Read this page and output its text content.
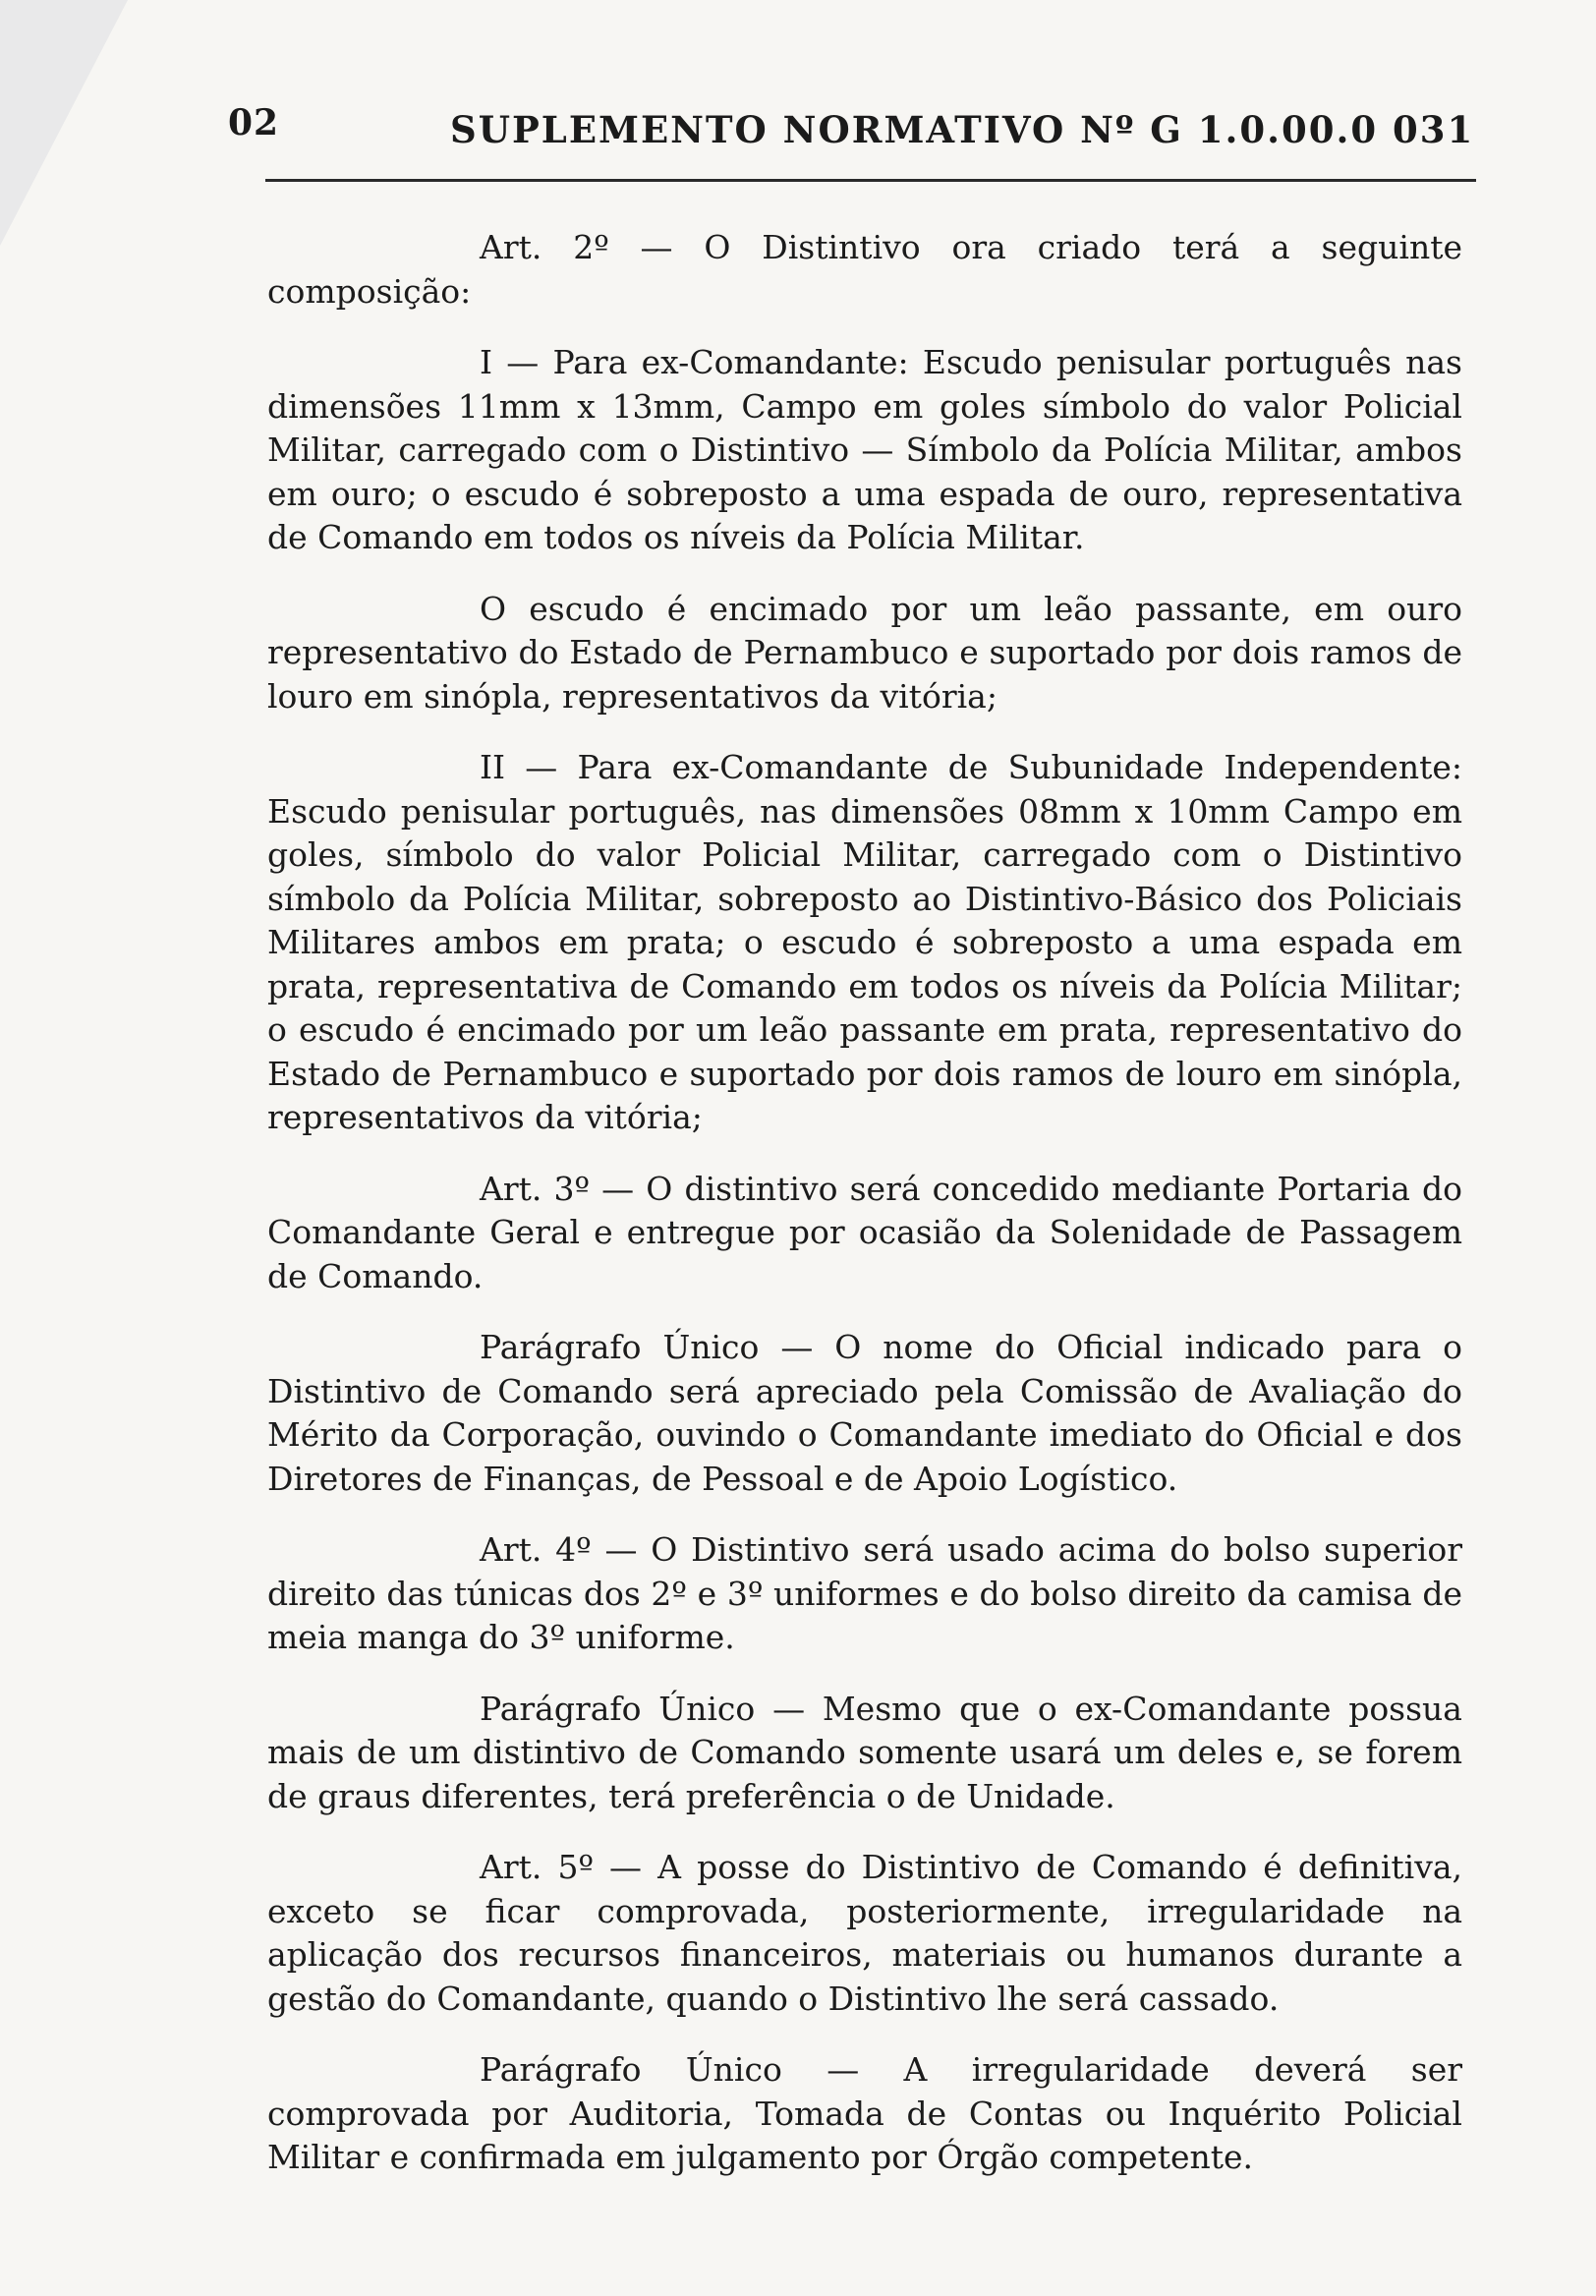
02	SUPLEMENTO NORMATIVO Nº G 1.0.00.0 031

Art. 2º — O Distintivo ora criado terá a seguinte composição:

I — Para ex-Comandante: Escudo penisular português nas dimensões 11mm x 13mm, Campo em goles símbolo do valor Policial Militar, carregado com o Distintivo — Símbolo da Polícia Militar, ambos em ouro; o escudo é sobreposto a uma espada de ouro, representativa de Comando em todos os níveis da Polícia Militar.

O escudo é encimado por um leão passante, em ouro representativo do Estado de Pernambuco e suportado por dois ramos de louro em sinópla, representativos da vitória;

II — Para ex-Comandante de Subunidade Independente: Escudo penisular português, nas dimensões 08mm x 10mm Campo em goles, símbolo do valor Policial Militar, carregado com o Distintivo símbolo da Polícia Militar, sobreposto ao Distintivo-Básico dos Policiais Militares ambos em prata; o escudo é sobreposto a uma espada em prata, representativa de Comando em todos os níveis da Polícia Militar; o escudo é encimado por um leão passante em prata, representativo do Estado de Pernambuco e suportado por dois ramos de louro em sinópla, representativos da vitória;

Art. 3º — O distintivo será concedido mediante Portaria do Comandante Geral e entregue por ocasião da Solenidade de Passagem de Comando.

Parágrafo Único — O nome do Oficial indicado para o Distintivo de Comando será apreciado pela Comissão de Avaliação do Mérito da Corporação, ouvindo o Comandante imediato do Oficial e dos Diretores de Finanças, de Pessoal e de Apoio Logístico.

Art. 4º — O Distintivo será usado acima do bolso superior direito das túnicas dos 2º e 3º uniformes e do bolso direito da camisa de meia manga do 3º uniforme.

Parágrafo Único — Mesmo que o ex-Comandante possua mais de um distintivo de Comando somente usará um deles e, se forem de graus diferentes, terá preferência o de Unidade.

Art. 5º — A posse do Distintivo de Comando é definitiva, exceto se ficar comprovada, posteriormente, irregularidade na aplicação dos recursos financeiros, materiais ou humanos durante a gestão do Comandante, quando o Distintivo lhe será cassado.

Parágrafo Único — A irregularidade deverá ser comprovada por Auditoria, Tomada de Contas ou Inquérito Policial Militar e confirmada em julgamento por Órgão competente.
